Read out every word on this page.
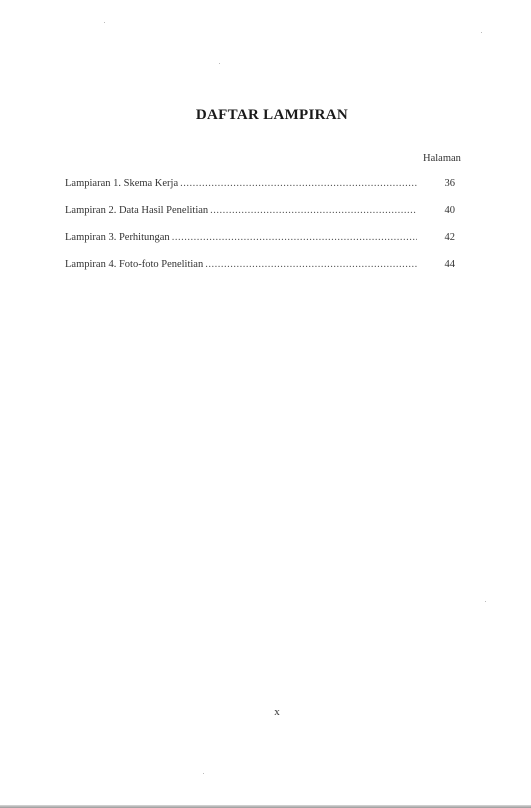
DAFTAR LAMPIRAN
Halaman
Lampiaran 1. Skema Kerja .....	36
Lampiran 2. Data Hasil Penelitian .....	40
Lampiran 3. Perhitungan .....	42
Lampiran 4. Foto-foto Penelitian .....	44
x
